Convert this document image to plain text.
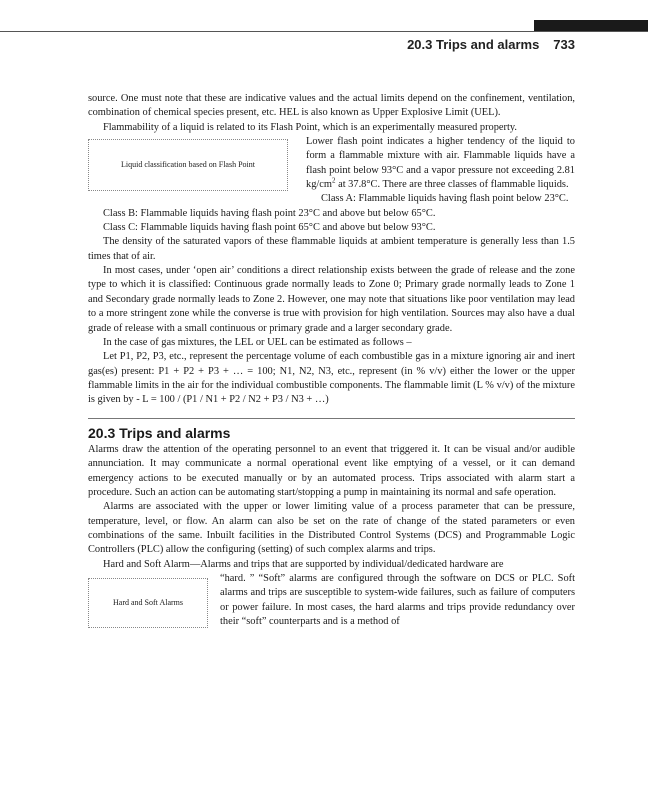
20.3 Trips and alarms 733

source. One must note that these are indicative values and the actual limits depend on the confinement, ventilation, combination of chemical species present, etc. HEL is also known as Upper Explosive Limit (UEL).

Flammability of a liquid is related to its Flash Point, which is an experimentally measured property.

Liquid classification based on Flash Point

Lower flash point indicates a higher tendency of the liquid to form a flammable mixture with air. Flammable liquids have a flash point below 93°C and a vapor pressure not exceeding 2.81 $kg/cm^2$ at 37.8°C. There are three classes of flammable liquids.

Class A: Flammable liquids having flash point below 23°C.

Class B: Flammable liquids having flash point 23°C and above but below 65°C.

Class C: Flammable liquids having flash point 65°C and above but below 93°C.

The density of the saturated vapors of these flammable liquids at ambient temperature is generally less than 1.5 times that of air.

In most cases, under ‘open air’ conditions a direct relationship exists between the grade of release and the zone type to which it is classified: Continuous grade normally leads to Zone 0; Primary grade normally leads to Zone 1 and Secondary grade normally leads to Zone 2. However, one may note that situations like poor ventilation may lead to a more stringent zone while the converse is true with provision for high ventilation. Sources may also have a dual grade of release with a small continuous or primary grade and a larger secondary grade.

In the case of gas mixtures, the LEL or UEL can be estimated as follows –

Let P1, P2, P3, etc., represent the percentage volume of each combustible gas in a mixture ignoring air and inert gas(es) present: P1 + P2 + P3 + … = 100; N1, N2, N3, etc., represent (in % v/v) either the lower or the upper flammable limits in the air for the individual combustible components. The flammable limit (L % v/v) of the mixture is given by - L = 100 / (P1 / N1 + P2 / N2 + P3 / N3 + …)

20.3 Trips and alarms

Alarms draw the attention of the operating personnel to an event that triggered it. It can be visual and/or audible annunciation. It may communicate a normal operational event like emptying of a vessel, or it can demand emergency actions to be executed manually or by an automated process. Trips associated with alarm start a procedure. Such an action can be automating start/stopping a pump in maintaining its normal and safe operation.

Alarms are associated with the upper or lower limiting value of a process parameter that can be pressure, temperature, level, or flow. An alarm can also be set on the rate of change of the stated parameters or even combinations of the same. Inbuilt facilities in the Distributed Control Systems (DCS) and Programmable Logic Controllers (PLC) allow the configuring (setting) of such complex alarms and trips.

Hard and Soft Alarm—Alarms and trips that are supported by individual/dedicated hardware are

Hard and Soft Alarms

“hard. ” “Soft” alarms are configured through the software on DCS or PLC. Soft alarms and trips are susceptible to system-wide failures, such as failure of computers or power failure. In most cases, the hard alarms and trips provide redundancy over their “soft” counterparts and is a method of
